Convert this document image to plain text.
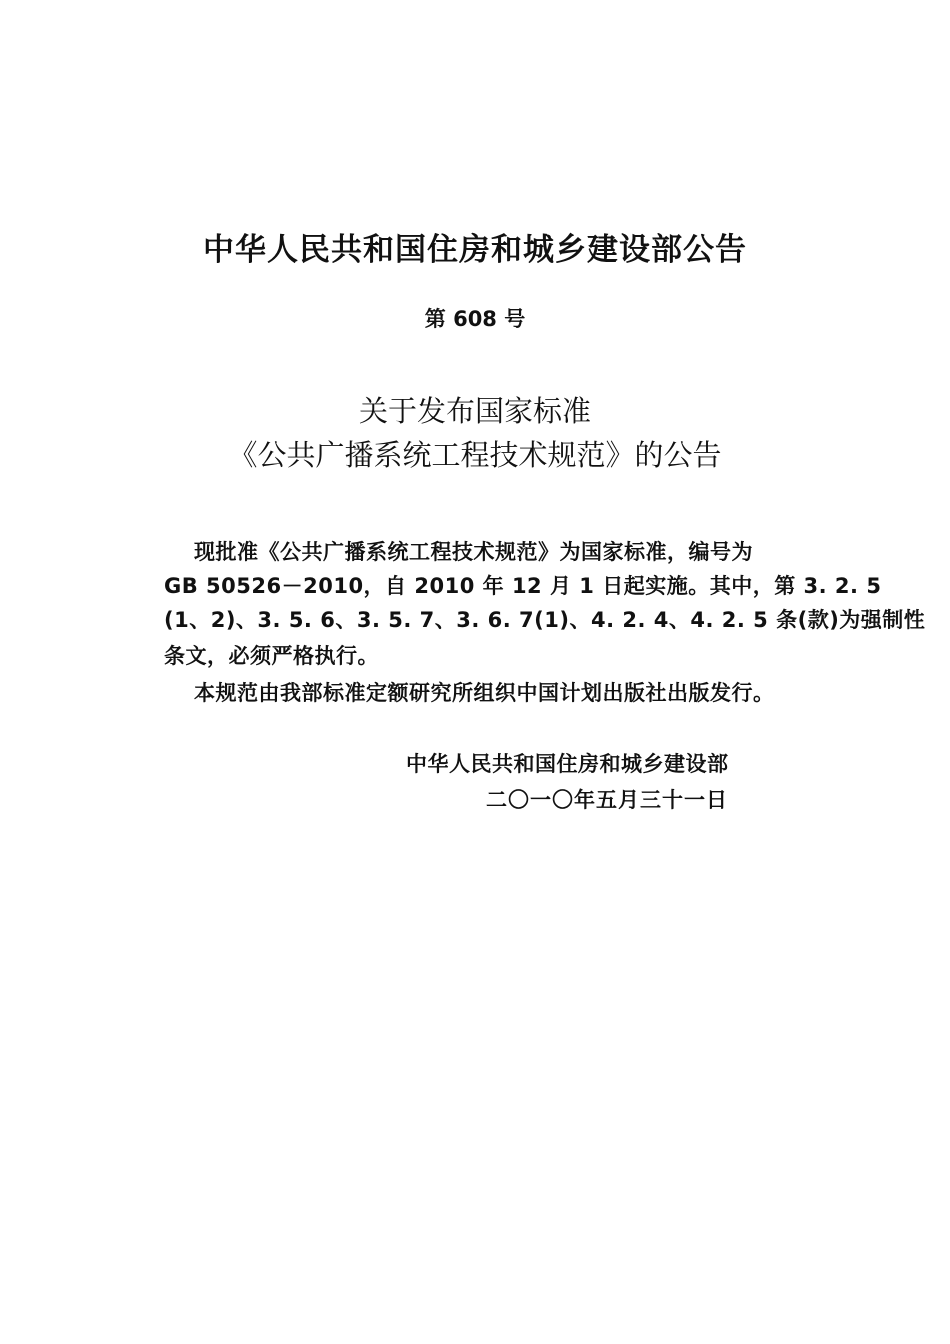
中华人民共和国住房和城乡建设部公告
第 608 号
关于发布国家标准
《公共广播系统工程技术规范》的公告
现批准《公共广播系统工程技术规范》为国家标准，编号为
GB 50526－2010，自 2010 年 12 月 1 日起实施。其中，第 3. 2. 5
(1、2)、3. 5. 6、3. 5. 7、3. 6. 7(1)、4. 2. 4、4. 2. 5 条(款)为强制性
条文，必须严格执行。
本规范由我部标准定额研究所组织中国计划出版社出版发行。
中华人民共和国住房和城乡建设部
二〇一〇年五月三十一日
